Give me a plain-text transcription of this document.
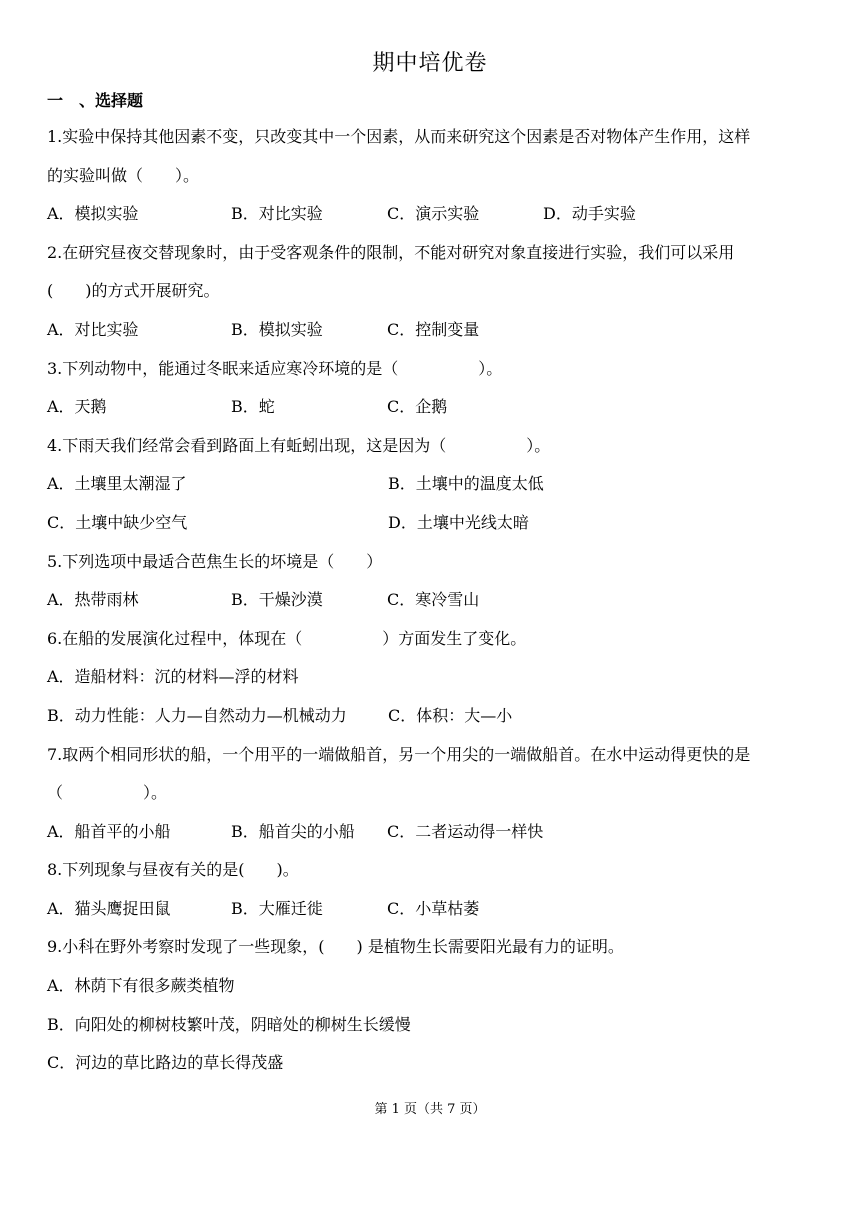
期中培优卷
一　、选择题

1.实验中保持其他因素不变，只改变其中一个因素，从而来研究这个因素是否对物体产生作用，这样

的实验叫做（　　）。

A．模拟实验	B．对比实验	C．演示实验	D．动手实验

2.在研究昼夜交替现象时，由于受客观条件的限制，不能对研究对象直接进行实验，我们可以采用

(　　)的方式开展研究。

A．对比实验	B．模拟实验	C．控制变量

3.下列动物中，能通过冬眠来适应寒冷环境的是（　　　　　）。

A．天鹅	B．蛇	C．企鹅

4.下雨天我们经常会看到路面上有蚯蚓出现，这是因为（　　　　　）。

A．土壤里太潮湿了	B．土壤中的温度太低
C．土壤中缺少空气	D．土壤中光线太暗

5.下列选项中最适合芭焦生长的坏境是（　　）

A．热带雨林	B．干燥沙漠	C．寒冷雪山

6.在船的发展演化过程中，体现在（　　　　　）方面发生了变化。

A．造船材料：沉的材料—浮的材料
B．动力性能：人力—自然动力—机械动力	C．体积：大—小

7.取两个相同形状的船，一个用平的一端做船首，另一个用尖的一端做船首。在水中运动得更快的是

（　　　　　）。

A．船首平的小船	B．船首尖的小船	C．二者运动得一样快

8.下列现象与昼夜有关的是(　　)。

A．猫头鹰捉田鼠	B．大雁迁徙	C．小草枯萎

9.小科在野外考察时发现了一些现象，(　　) 是植物生长需要阳光最有力的证明。

A．林荫下有很多蕨类植物

B．向阳处的柳树枝繁叶茂，阴暗处的柳树生长缓慢

C．河边的草比路边的草长得茂盛

第 1 页（共 7 页）
